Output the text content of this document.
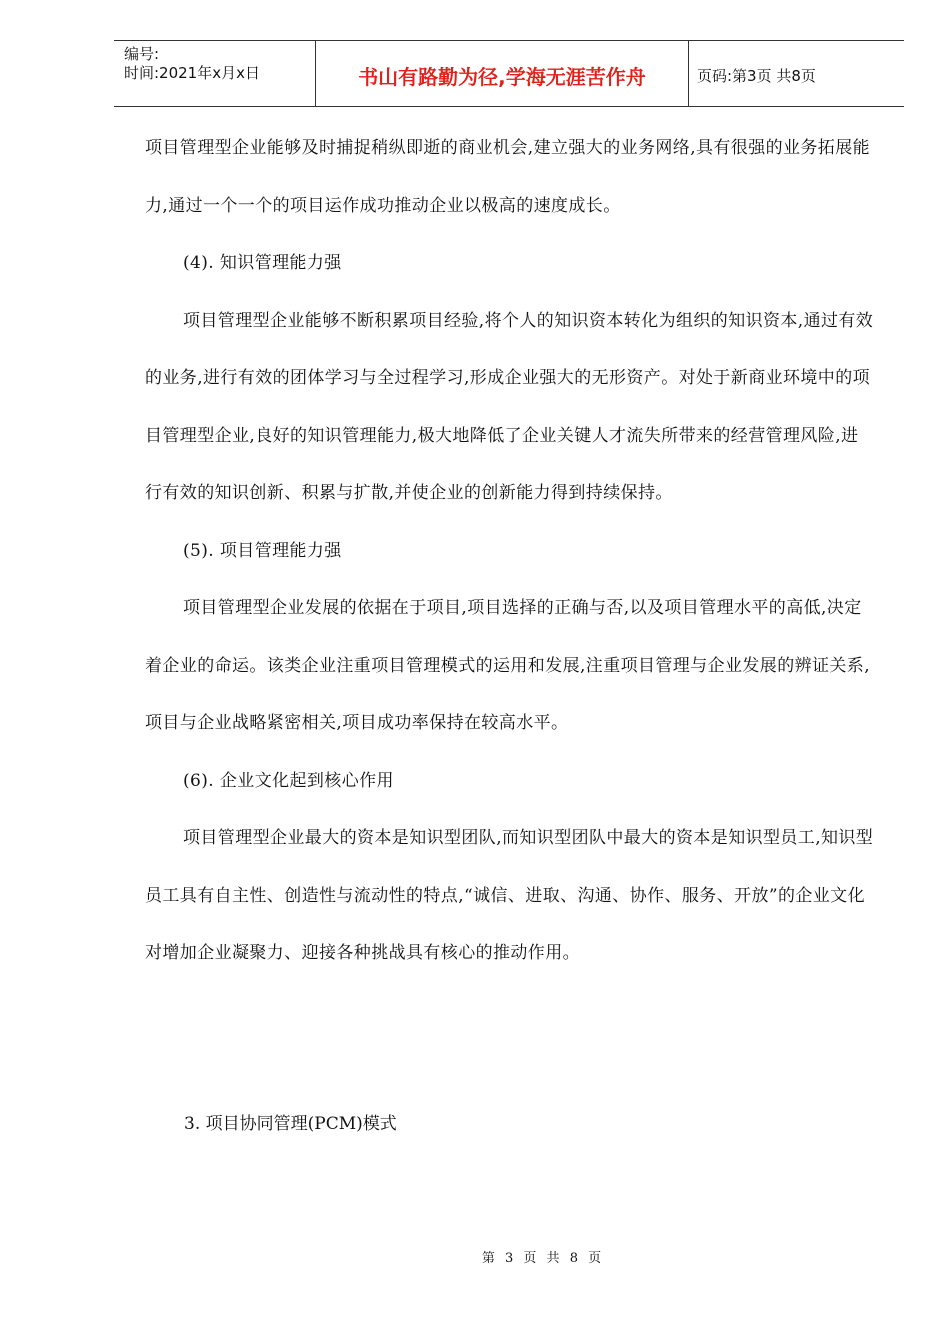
编号:
时间:2021年x月x日	书山有路勤为径,学海无涯苦作舟	页码:第3页 共8页

项目管理型企业能够及时捕捉稍纵即逝的商业机会,建立强大的业务网络,具有很强的业务拓展能力,通过一个一个的项目运作成功推动企业以极高的速度成长。

(4). 知识管理能力强

项目管理型企业能够不断积累项目经验,将个人的知识资本转化为组织的知识资本,通过有效的业务,进行有效的团体学习与全过程学习,形成企业强大的无形资产。对处于新商业环境中的项目管理型企业,良好的知识管理能力,极大地降低了企业关键人才流失所带来的经营管理风险,进行有效的知识创新、积累与扩散,并使企业的创新能力得到持续保持。

(5). 项目管理能力强

项目管理型企业发展的依据在于项目,项目选择的正确与否,以及项目管理水平的高低,决定着企业的命运。该类企业注重项目管理模式的运用和发展,注重项目管理与企业发展的辨证关系,项目与企业战略紧密相关,项目成功率保持在较高水平。

(6). 企业文化起到核心作用

项目管理型企业最大的资本是知识型团队,而知识型团队中最大的资本是知识型员工,知识型员工具有自主性、创造性与流动性的特点,“诚信、进取、沟通、协作、服务、开放”的企业文化对增加企业凝聚力、迎接各种挑战具有核心的推动作用。

3. 项目协同管理(PCM)模式
第 3 页 共 8 页
